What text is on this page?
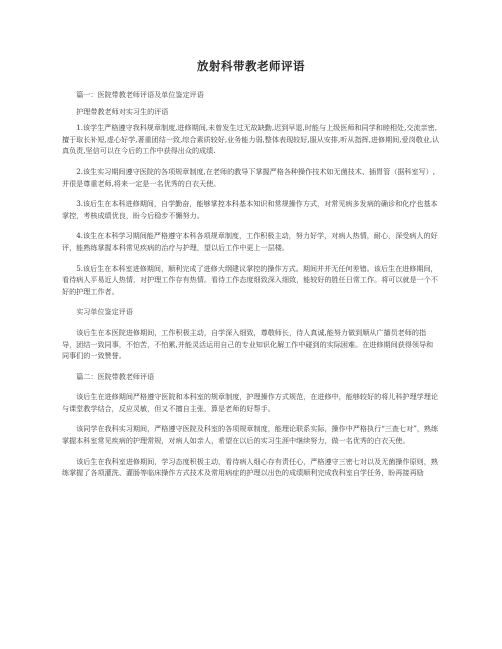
放射科带教老师评语

篇一：医院带教老师评语及单位鉴定评语

护理带教老师对实习生的评语

1.该学生严格遵守我科规章制度,进修期间,未曾发生过无故缺勤,迟到早退,时能与上级医师和同学和睦相处,交流亲密,擅于取长补短,虚心好学,著重团结一致,综合素质较好,业务能力弱,整体表现较好,服从安排,听从指挥,进修期间,爱岗敬业,认真负责,坚信可以在今后的工作中获得出众的成绩.

2.该生实习期间遵守医院的各项规章制度,在老师的教导下掌握严格各种操作技术如无菌技术、插胃管（据科室写）,并很是尊重老师,将来一定是一名优秀的白衣天使。

3.该后生在本科进修期间，自学勤奋，能够掌控本科基本知识和常规操作方式，对常见病多发病的确诊和化疗也基本掌控，考核成绩优良，盼今后稳步不懈努力。

4.该生在本科学习期间能严格遵守本科各项规章制度，工作积极主动，努力好学，对病人热情，耐心，深受病人的好评，能熟练掌握本科常见疾病的治疗与护理，望以后工作中更上一层楼。

5.该后生在本科室进修期间，顺利完成了进修大纲建议掌控的操作方式。期间并并无任何差错。该后生在进修期间，看待病人平易近人热情，对护理工作存有热情。看待工作态度细致深入细致，能较好的胜任日常工作。将可以就是一个不好的护理工作者。

实习单位鉴定评语

该后生在本医院进修期间，工作积极主动，自学深入细致，尊敬师长，待人真诚,能努力做到顺从广播员老师的指导，团结一致同事，不怕苦，不怕累,并能灵活运用自己的专业知识化解工作中碰到的实际困难。在进修期间获得领导和同事们的一致赞誉。

篇二：医院带教老师评语

该后生在进修期间严格遵守医院和本科室的规章制度，护理操作方式规范，在进修中，能够较好的将儿科护理学理论与课堂教学结合，反应灵敏，但又不擅自主张，算是老师的好帮手。

该同学在我科实习期间，严格遵守医院及科室的各项规章制度，能理论联系实际，操作中严格执行“三查七对”，熟练掌握本科室常见疾病的护理常规，对病人如亲人，希望在以后的实习生涯中继续努力，做一名优秀的白衣天使。

该后生在我科室进修期间，学习态度积极主动，看待病人细心存有责任心，严格遵守三密七对以及无菌操作原则，熟练掌握了各项灌洗、灌肠等临床操作方式技术及常用病症的护理以出色的成绩顺利完成我科室自学任务，盼再接再励
